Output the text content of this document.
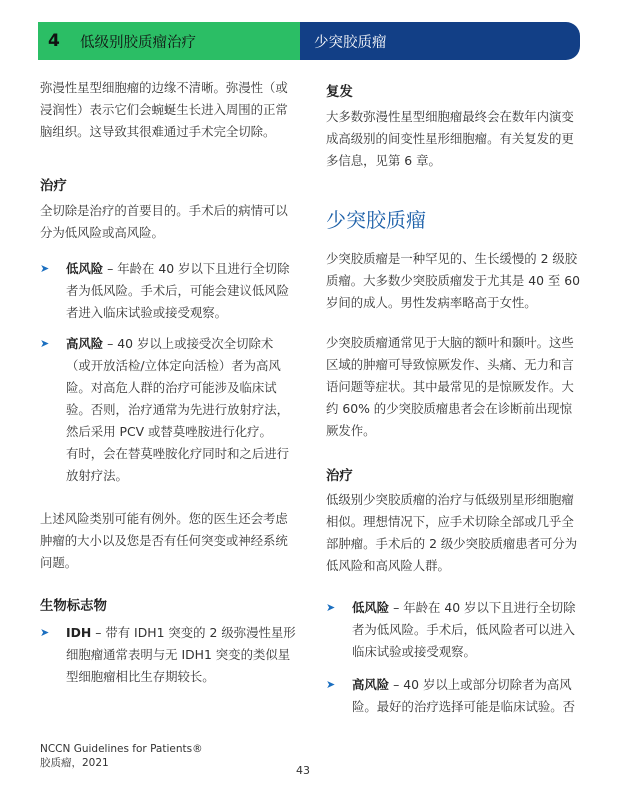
4	低级别胶质瘤治疗	少突胶质瘤
弥漫性星型细胞瘤的边缘不清晰。弥漫性（或浸润性）表示它们会蜿蜒生长进入周围的正常脑组织。这导致其很难通过手术完全切除。
治疗
全切除是治疗的首要目的。手术后的病情可以分为低风险或高风险。
➤ 低风险 – 年龄在 40 岁以下且进行全切除者为低风险。手术后，可能会建议低风险者进入临床试验或接受观察。
➤ 高风险 – 40 岁以上或接受次全切除术（或开放活检/立体定向活检）者为高风险。对高危人群的治疗可能涉及临床试验。否则，治疗通常为先进行放射疗法，然后采用 PCV 或替莫唑胺进行化疗。
有时，会在替莫唑胺化疗同时和之后进行放射疗法。
上述风险类别可能有例外。您的医生还会考虑肿瘤的大小以及您是否有任何突变或神经系统问题。
生物标志物
➤ IDH – 带有 IDH1 突变的 2 级弥漫性星形细胞瘤通常表明与无 IDH1 突变的类似星型细胞瘤相比生存期较长。
复发
大多数弥漫性星型细胞瘤最终会在数年内演变成高级别的间变性星形细胞瘤。有关复发的更多信息，见第 6 章。
少突胶质瘤
少突胶质瘤是一种罕见的、生长缓慢的 2 级胶质瘤。大多数少突胶质瘤发于尤其是 40 至 60 岁间的成人。男性发病率略高于女性。
少突胶质瘤通常见于大脑的额叶和颞叶。这些区域的肿瘤可导致惊厥发作、头痛、无力和言语问题等症状。其中最常见的是惊厥发作。大约 60% 的少突胶质瘤患者会在诊断前出现惊厥发作。
治疗
低级别少突胶质瘤的治疗与低级别星形细胞瘤相似。理想情况下，应手术切除全部或几乎全部肿瘤。手术后的 2 级少突胶质瘤患者可分为低风险和高风险人群。
➤ 低风险 – 年龄在 40 岁以下且进行全切除者为低风险。手术后，低风险者可以进入临床试验或接受观察。
➤ 高风险 – 40 岁以上或部分切除者为高风险。最好的治疗选择可能是临床试验。否
NCCN Guidelines for Patients®
胶质瘤，2021
43
